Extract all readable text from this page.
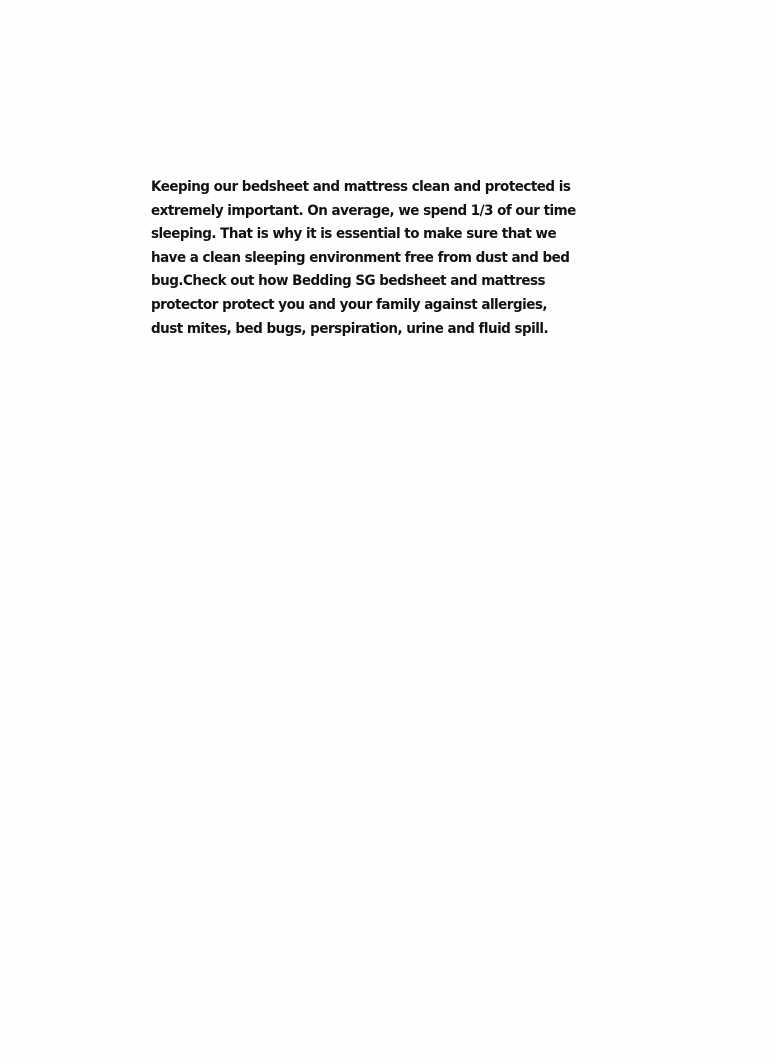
Keeping our bedsheet and mattress clean and protected is extremely important. On average, we spend 1/3 of our time sleeping. That is why it is essential to make sure that we have a clean sleeping environment free from dust and bed bug.Check out how Bedding SG bedsheet and mattress protector protect you and your family against allergies, dust mites, bed bugs, perspiration, urine and fluid spill.
